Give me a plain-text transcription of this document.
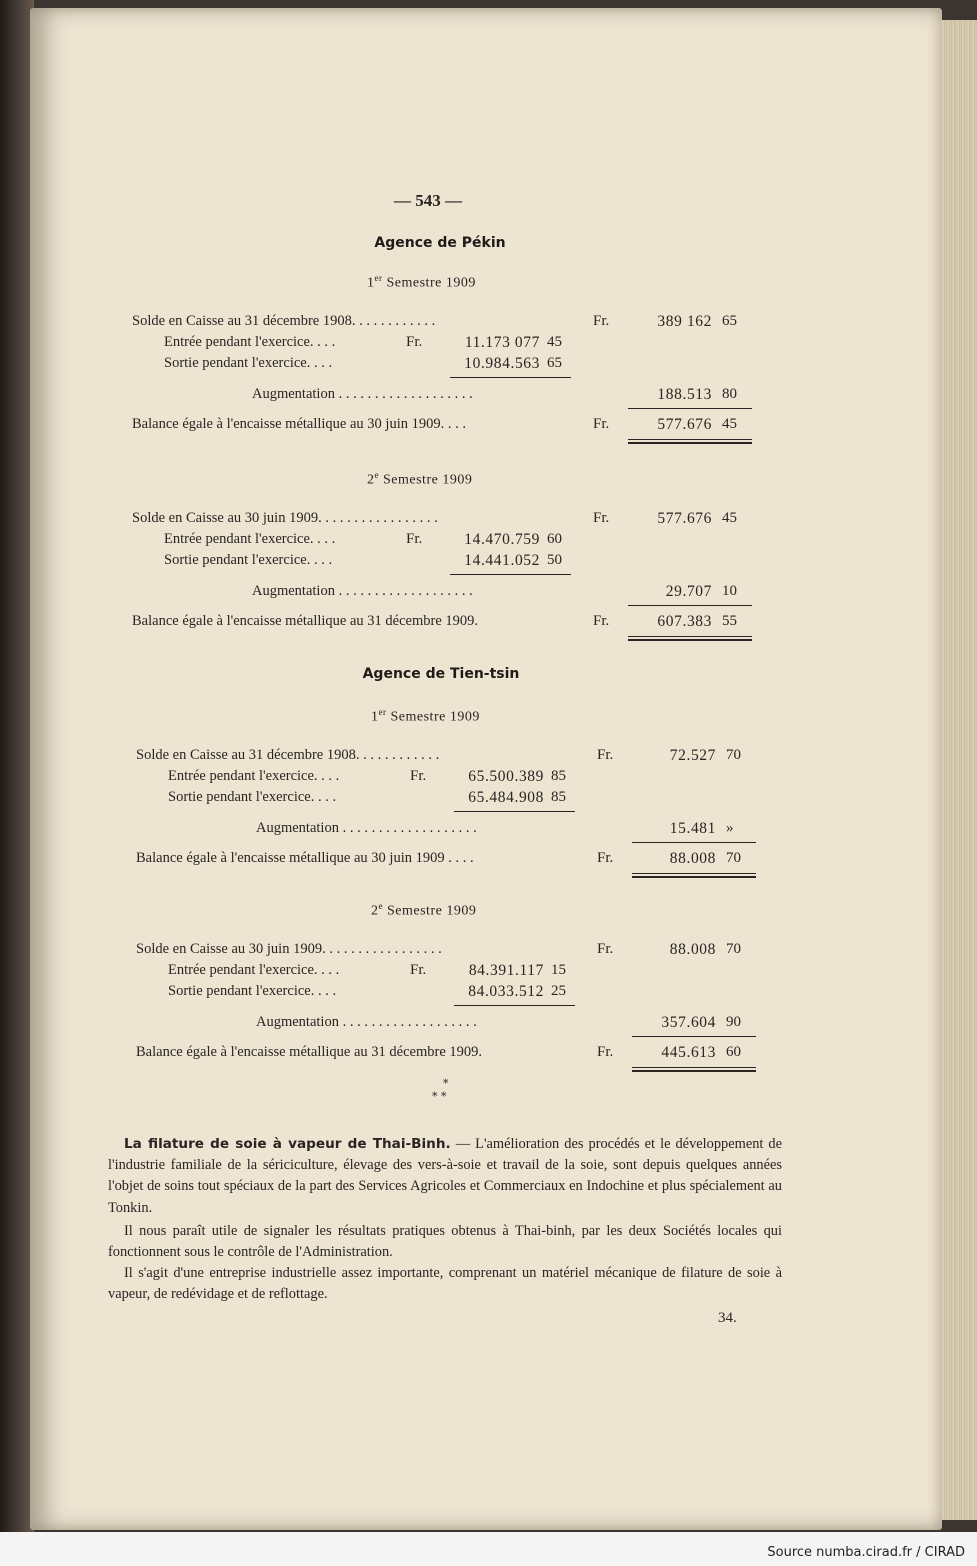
— 543 —
Agence de Pékin
1er Semestre 1909
Solde en Caisse au 31 décembre 1908. . . . . . . . . . . .	Fr.	389 162 65
Entrée pendant l'exercice. . . .	Fr.	11.173 077 45
Sortie pendant l'exercice. . . .	10.984.563 65
Augmentation . . . . . . . . . . . . . . . . . . .	188.513 80
Balance égale à l'encaisse métallique au 30 juin 1909. . . .	Fr.	577.676 45
2e Semestre 1909
Solde en Caisse au 30 juin 1909. . . . . . . . . . . . . . . . .	Fr.	577.676 45
Entrée pendant l'exercice. . . .	Fr.	14.470.759 60
Sortie pendant l'exercice. . . .	14.441.052 50
Augmentation . . . . . . . . . . . . . . . . . . .	29.707 10
Balance égale à l'encaisse métallique au 31 décembre 1909.	Fr.	607.383 55
Agence de Tien-tsin
1er Semestre 1909
Solde en Caisse au 31 décembre 1908. . . . . . . . . . . .	Fr.	72.527 70
Entrée pendant l'exercice. . . .	Fr.	65.500.389 85
Sortie pendant l'exercice. . . .	65.484.908 85
Augmentation . . . . . . . . . . . . . . . . . . .	15.481 »
Balance égale à l'encaisse métallique au 30 juin 1909 . . . .	Fr.	88.008 70
2e Semestre 1909
Solde en Caisse au 30 juin 1909. . . . . . . . . . . . . . . . .	Fr.	88.008 70
Entrée pendant l'exercice. . . .	Fr.	84.391.117 15
Sortie pendant l'exercice. . . .	84.033.512 25
Augmentation . . . . . . . . . . . . . . . . . . .	357.604 90
Balance égale à l'encaisse métallique au 31 décembre 1909.	Fr.	445.613 60
*
* *
La filature de soie à vapeur de Thai-Binh. — L'amélioration des procédés et le développement de l'industrie familiale de la sériciculture, élevage des vers-à-soie et travail de la soie, sont depuis quelques années l'objet de soins tout spéciaux de la part des Services Agricoles et Commerciaux en Indochine et plus spécialement au Tonkin.
Il nous paraît utile de signaler les résultats pratiques obtenus à Thai-binh, par les deux Sociétés locales qui fonctionnent sous le contrôle de l'Administration.
Il s'agit d'une entreprise industrielle assez importante, comprenant un matériel mécanique de filature de soie à vapeur, de redévidage et de reflottage.
34.
Source numba.cirad.fr / CIRAD
